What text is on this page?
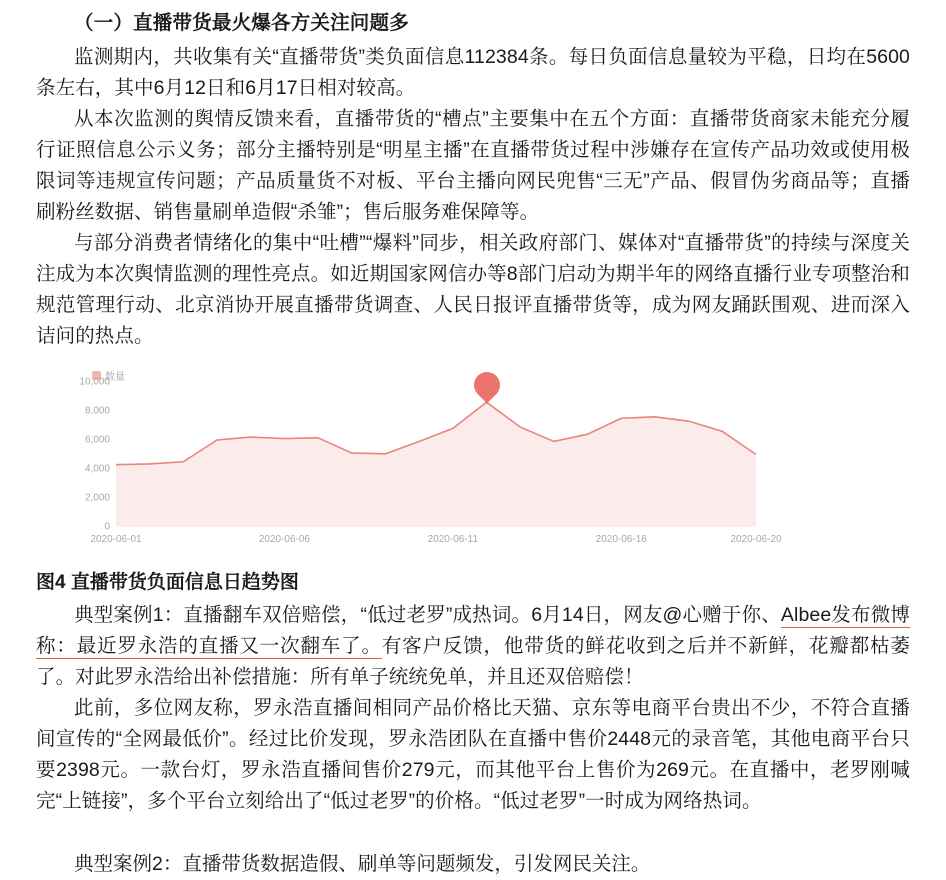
（一）直播带货最火爆各方关注问题多

监测期内，共收集有关“直播带货”类负面信息112384条。每日负面信息量较为平稳，日均在5600条左右，其中6月12日和6月17日相对较高。

从本次监测的舆情反馈来看，直播带货的“槽点”主要集中在五个方面：直播带货商家未能充分履行证照信息公示义务；部分主播特别是“明星主播”在直播带货过程中涉嫌存在宣传产品功效或使用极限词等违规宣传问题；产品质量货不对板、平台主播向网民兜售“三无”产品、假冒伪劣商品等；直播刷粉丝数据、销售量刷单造假“杀雏”；售后服务难保障等。

与部分消费者情绪化的集中“吐槽”“爆料”同步，相关政府部门、媒体对“直播带货”的持续与深度关注成为本次舆情监测的理性亮点。如近期国家网信办等8部门启动为期半年的网络直播行业专项整治和规范管理行动、北京消协开展直播带货调查、人民日报评直播带货等，成为网友踊跃围观、进而深入诘问的热点。

数量
0
2,000
4,000
6,000
8,000
10,000
2020-06-01	2020-06-06	2020-06-11	2020-06-16	2020-06-20
图4 直播带货负面信息日趋势图

典型案例1：直播翻车双倍赔偿，“低过老罗”成热词。6月14日，网友@心赠于你、Albee发布微博称：最近罗永浩的直播又一次翻车了。有客户反馈，他带货的鲜花收到之后并不新鲜，花瓣都枯萎了。对此罗永浩给出补偿措施：所有单子统统免单，并且还双倍赔偿！

此前，多位网友称，罗永浩直播间相同产品价格比天猫、京东等电商平台贵出不少，不符合直播间宣传的“全网最低价”。经过比价发现，罗永浩团队在直播中售价2448元的录音笔，其他电商平台只要2398元。一款台灯，罗永浩直播间售价279元，而其他平台上售价为269元。在直播中，老罗刚喊完“上链接”，多个平台立刻给出了“低过老罗”的价格。“低过老罗”一时成为网络热词。

典型案例2：直播带货数据造假、刷单等问题频发，引发网民关注。
